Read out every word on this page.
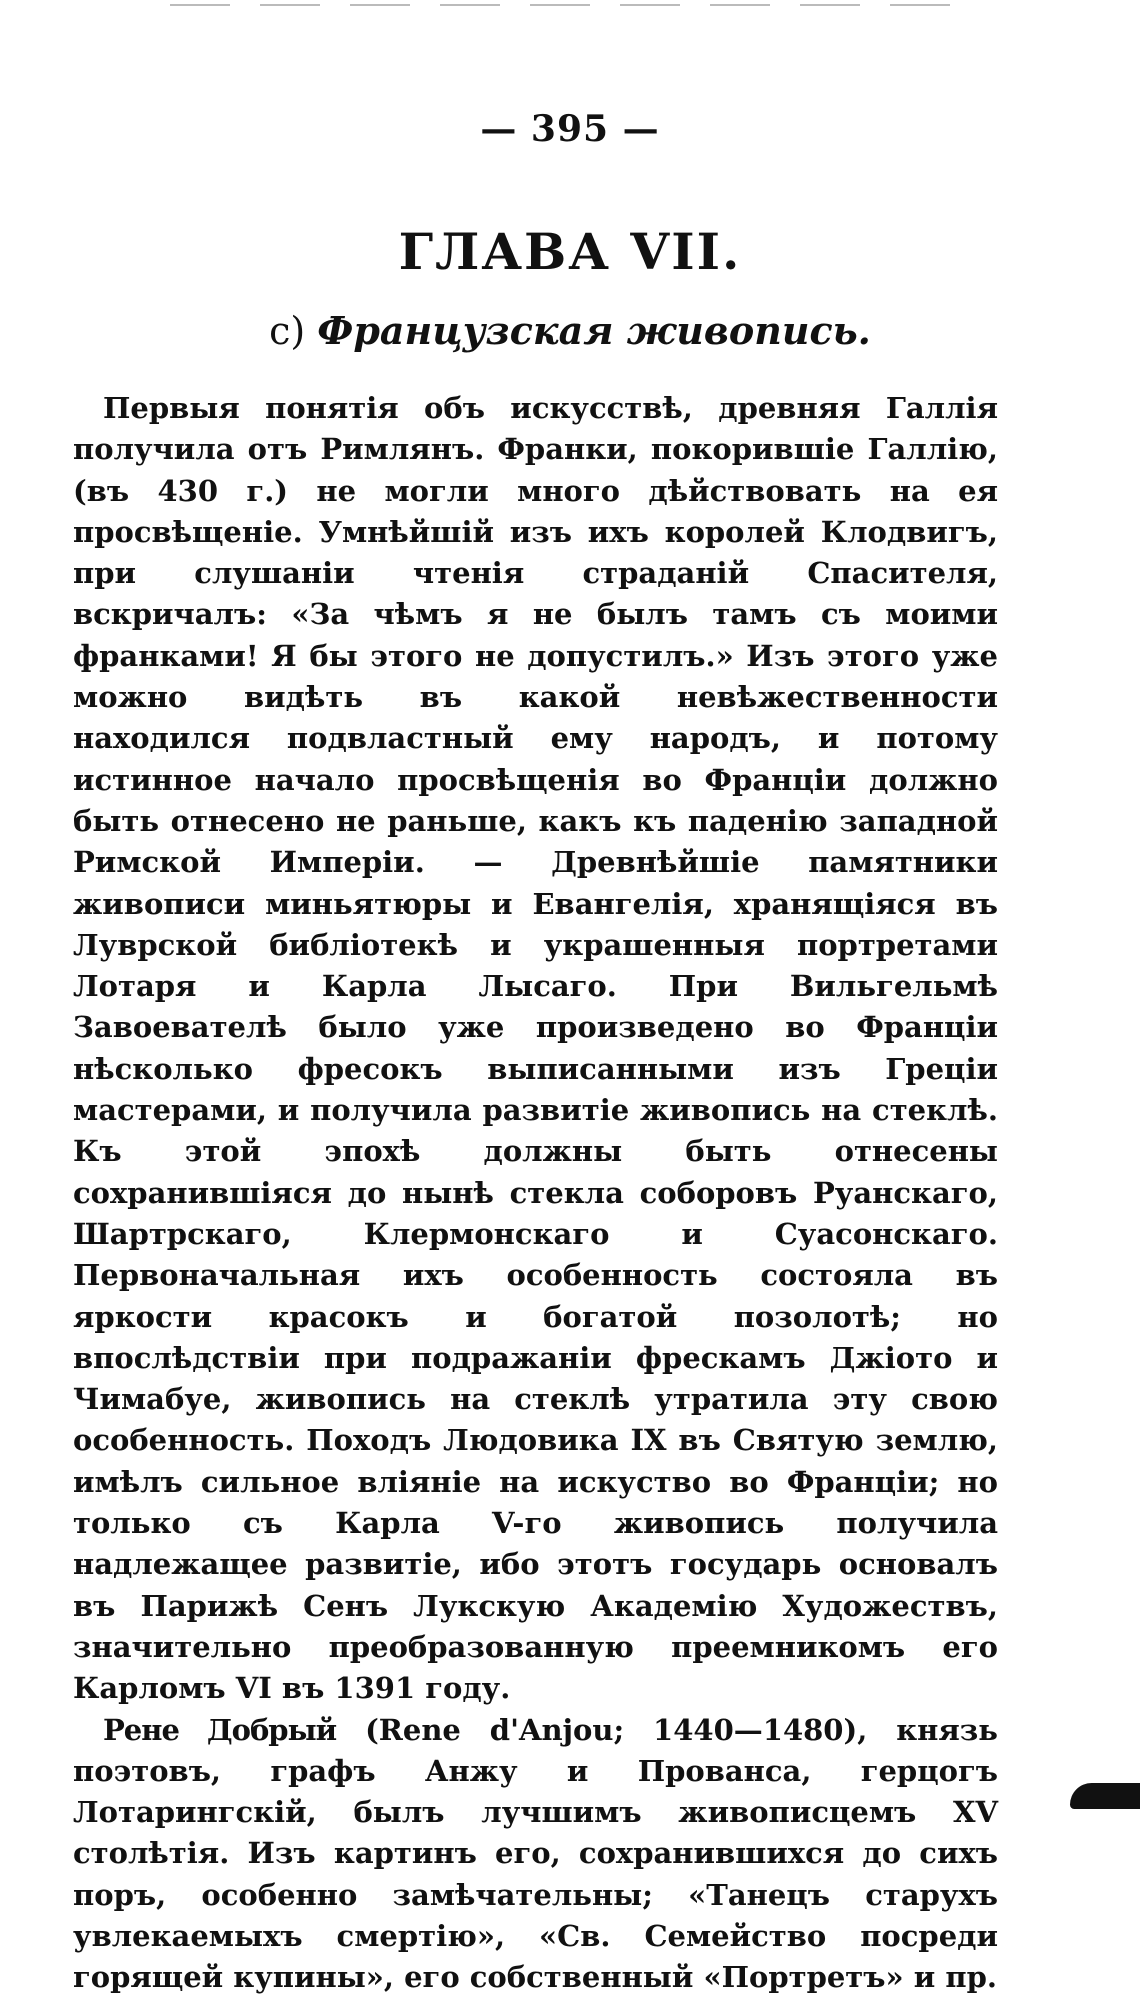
— 395 —
ГЛАВА VII.
c) Французская живопись.

Первыя понятія объ искусствѣ, древняя Галлія получила отъ Римлянъ. Франки, покорившіе Галлію, (въ 430 г.) не могли много дѣйствовать на ея просвѣщеніе. Умнѣйшій изъ ихъ королей Клодвигъ, при слушаніи чтенія страданій Спасителя, вскричалъ: «За чѣмъ я не былъ тамъ съ моими франками! Я бы этого не допустилъ.» Изъ этого уже можно видѣть въ какой невѣжественности находился подвластный ему народъ, и потому истинное начало просвѣщенія во Франціи должно быть отнесено не раньше, какъ къ паденію западной Римской Имперіи. — Древнѣйшіе памятники живописи миньятюры и Евангелія, хранящіяся въ Луврской библіотекѣ и украшенныя портретами Лотаря и Карла Лысаго. При Вильгельмѣ Завоевателѣ было уже произведено во Франціи нѣсколько фресокъ выписанными изъ Греціи мастерами, и получила развитіе живопись на стеклѣ. Къ этой эпохѣ должны быть отнесены сохранившіяся до нынѣ стекла соборовъ Руанскаго, Шартрскаго, Клермонскаго и Суасонскаго. Первоначальная ихъ особенность состояла въ яркости красокъ и богатой позолотѣ; но впослѣдствіи при подражаніи фрескамъ Джіото и Чимабуе, живопись на стеклѣ утратила эту свою особенность. Походъ Людовика IX въ Святую землю, имѣлъ сильное вліяніе на искуство во Франціи; но только съ Карла V-го живопись получила надлежащее развитіе, ибо этотъ государь основалъ въ Парижѣ Сенъ Лукскую Академію Художествъ, значительно преобразованную преемникомъ его Карломъ VI въ 1391 году.

Рене Добрый (Rene d'Anjou; 1440—1480), князь поэтовъ, графъ Анжу и Прованса, герцогъ Лотарингскій, былъ лучшимъ живописцемъ XV столѣтія. Изъ картинъ его, сохранившихся до сихъ поръ, особенно замѣчательны; «Танецъ старухъ увлекаемыхъ смертію», «Св. Семейство посреди горящей купины», его собственный «Портретъ» и пр.
